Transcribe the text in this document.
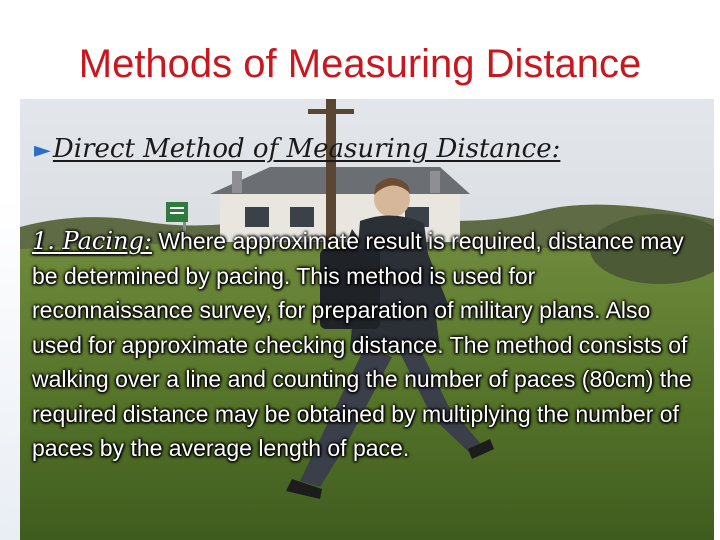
Methods of Measuring Distance
►Direct Method of Measuring Distance:
1. Pacing: Where approximate result is required, distance may be determined by pacing. This method is used for reconnaissance survey, for preparation of military plans. Also used for approximate checking distance. The method consists of walking over a line and counting the number of paces (80cm) the required distance may be obtained by multiplying the number of paces by the average length of pace.
